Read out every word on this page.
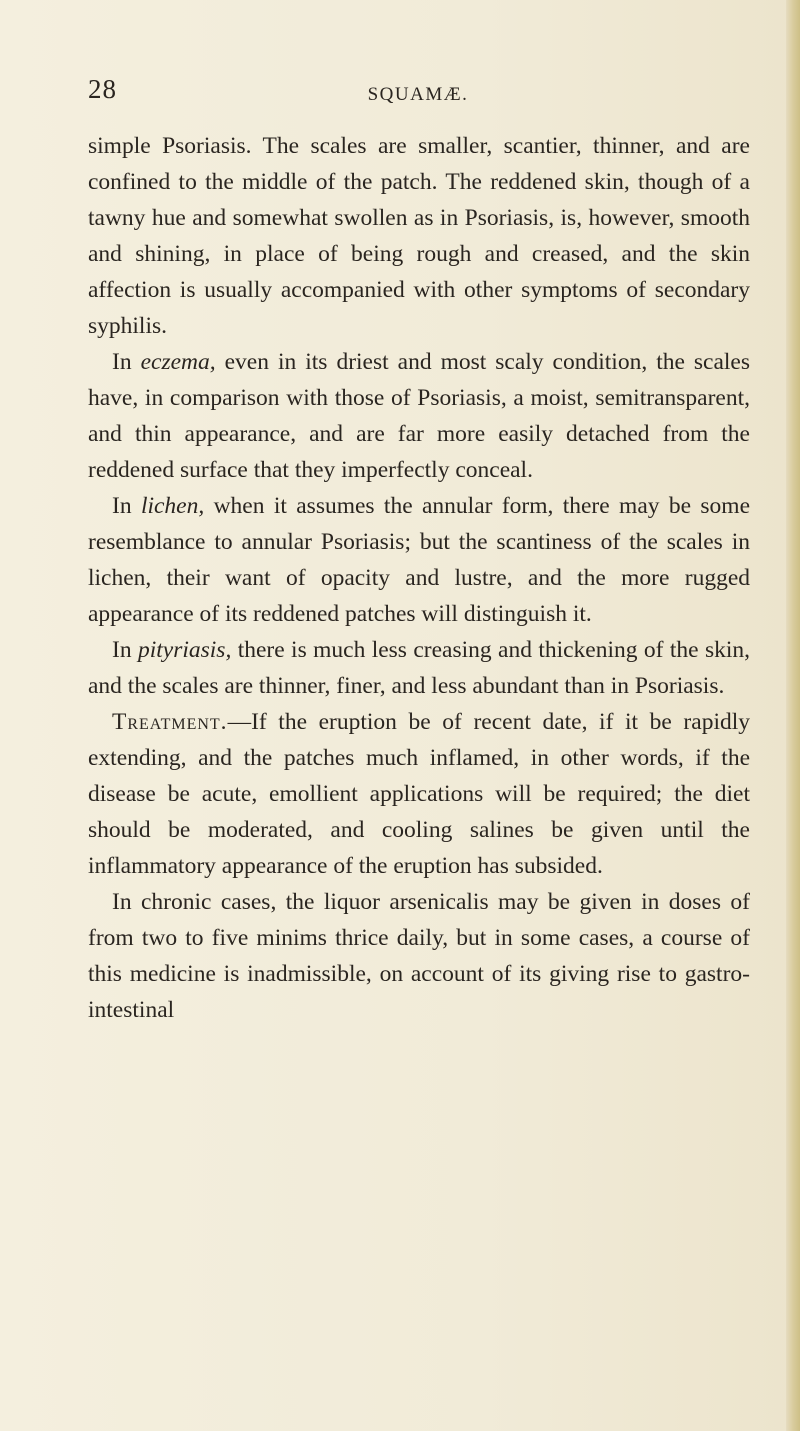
28	SQUAMÆ.

simple Psoriasis. The scales are smaller, scantier, thinner, and are confined to the middle of the patch. The reddened skin, though of a tawny hue and somewhat swollen as in Psoriasis, is, however, smooth and shining, in place of being rough and creased, and the skin affection is usually accompanied with other symptoms of secondary syphilis.

In eczema, even in its driest and most scaly condition, the scales have, in comparison with those of Psoriasis, a moist, semitransparent, and thin appearance, and are far more easily detached from the reddened surface that they imperfectly conceal.

In lichen, when it assumes the annular form, there may be some resemblance to annular Psoriasis; but the scantiness of the scales in lichen, their want of opacity and lustre, and the more rugged appearance of its reddened patches will distinguish it.

In pityriasis, there is much less creasing and thickening of the skin, and the scales are thinner, finer, and less abundant than in Psoriasis.

Treatment.—If the eruption be of recent date, if it be rapidly extending, and the patches much inflamed, in other words, if the disease be acute, emollient applications will be required; the diet should be moderated, and cooling salines be given until the inflammatory appearance of the eruption has subsided.

In chronic cases, the liquor arsenicalis may be given in doses of from two to five minims thrice daily, but in some cases, a course of this medicine is inadmissible, on account of its giving rise to gastro-intestinal
